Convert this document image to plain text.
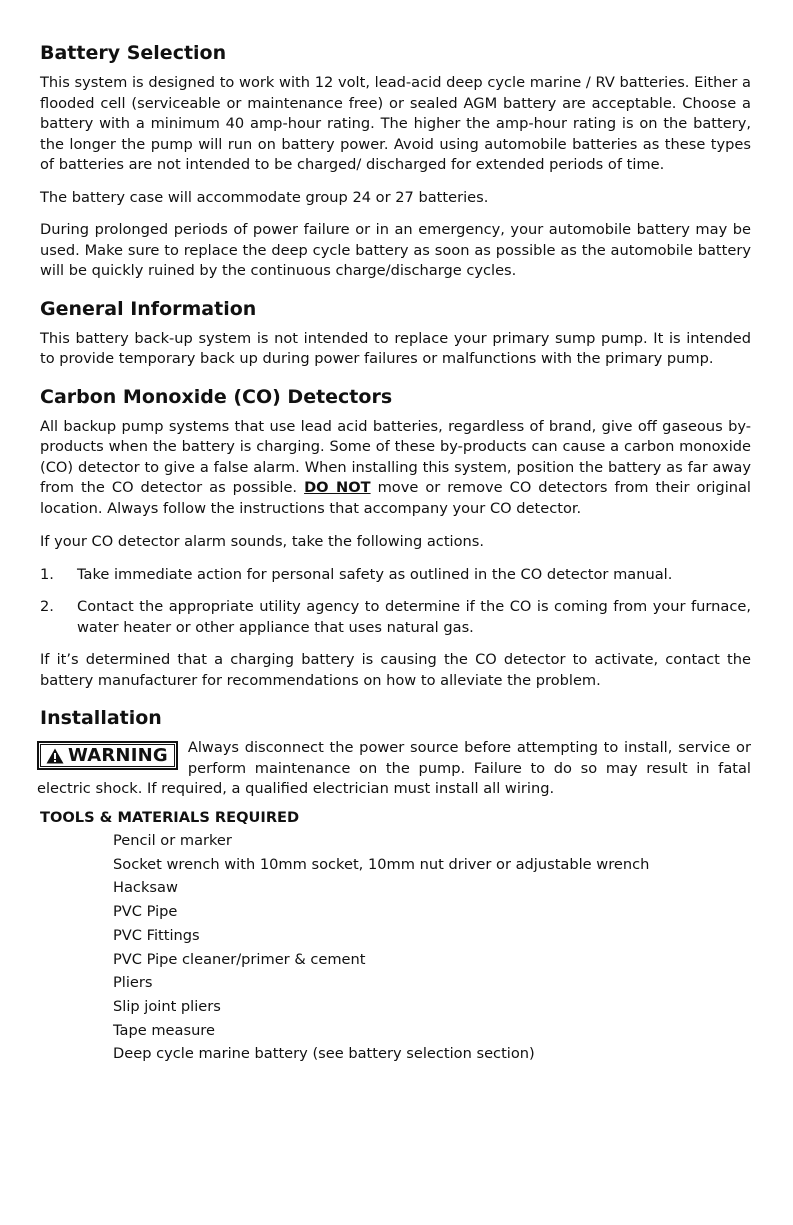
Battery Selection

This system is designed to work with 12 volt, lead-acid deep cycle marine / RV batteries. Either a flooded cell (serviceable or maintenance free) or sealed AGM battery are acceptable. Choose a battery with a minimum 40 amp-hour rating. The higher the amp-hour rating is on the battery, the longer the pump will run on battery power. Avoid using automobile batteries as these types of batteries are not intended to be charged/ discharged for extended periods of time.

The battery case will accommodate group 24 or 27 batteries.

During prolonged periods of power failure or in an emergency, your automobile battery may be used. Make sure to replace the deep cycle battery as soon as possible as the automobile battery will be quickly ruined by the continuous charge/discharge cycles.

General Information

This battery back-up system is not intended to replace your primary sump pump. It is intended to provide temporary back up during power failures or malfunctions with the primary pump.

Carbon Monoxide (CO) Detectors

All backup pump systems that use lead acid batteries, regardless of brand, give off gaseous by-products when the battery is charging. Some of these by-products can cause a carbon monoxide (CO) detector to give a false alarm. When installing this system, position the battery as far away from the CO detector as possible. DO NOT move or remove CO detectors from their original location. Always follow the instructions that accompany your CO detector.

If your CO detector alarm sounds, take the following actions.

1. Take immediate action for personal safety as outlined in the CO detector manual.
2. Contact the appropriate utility agency to determine if the CO is coming from your furnace, water heater or other appliance that uses natural gas.

If it’s determined that a charging battery is causing the CO detector to activate, contact the battery manufacturer for recommendations on how to alleviate the problem.

Installation
WARNING	Always disconnect the power source before attempting to install, service or perform maintenance on the pump. Failure to do so may result in fatal electric shock. If required, a qualified electrician must install all wiring.

TOOLS & MATERIALS REQUIRED
Pencil or marker
Socket wrench with 10mm socket, 10mm nut driver or adjustable wrench
Hacksaw
PVC Pipe
PVC Fittings
PVC Pipe cleaner/primer & cement
Pliers
Slip joint pliers
Tape measure
Deep cycle marine battery (see battery selection section)
